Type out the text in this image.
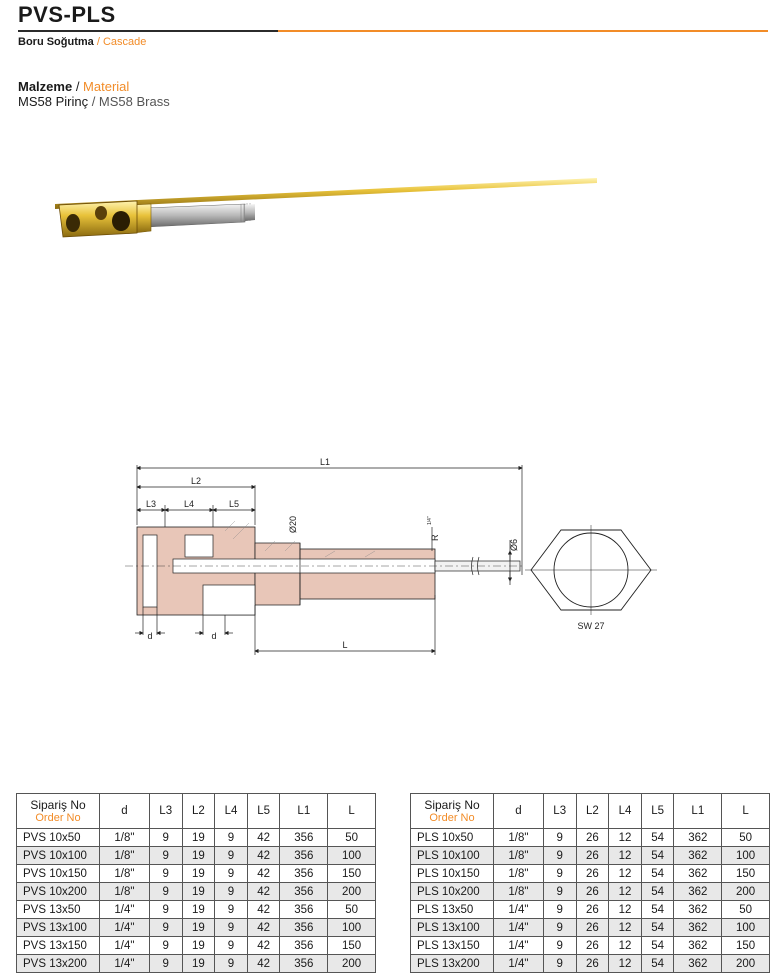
PVS-PLS
Boru Soğutma / Cascade
Malzeme / Material
MS58 Pirinç / MS58 Brass
L1
L2
L3	L4	L5
d	d
L
Ø20
Ø6
R
1/4"
SW 27
Sipariş No
Order No	d	L3	L2	L4	L5	L1	L
PVS 10x50	1/8"	9	19	9	42	356	50
PVS 10x100	1/8"	9	19	9	42	356	100
PVS 10x150	1/8"	9	19	9	42	356	150
PVS 10x200	1/8"	9	19	9	42	356	200
PVS 13x50	1/4"	9	19	9	42	356	50
PVS 13x100	1/4"	9	19	9	42	356	100
PVS 13x150	1/4"	9	19	9	42	356	150
PVS 13x200	1/4"	9	19	9	42	356	200
Sipariş No
Order No	d	L3	L2	L4	L5	L1	L
PLS 10x50	1/8"	9	26	12	54	362	50
PLS 10x100	1/8"	9	26	12	54	362	100
PLS 10x150	1/8"	9	26	12	54	362	150
PLS 10x200	1/8"	9	26	12	54	362	200
PLS 13x50	1/4"	9	26	12	54	362	50
PLS 13x100	1/4"	9	26	12	54	362	100
PLS 13x150	1/4"	9	26	12	54	362	150
PLS 13x200	1/4"	9	26	12	54	362	200
